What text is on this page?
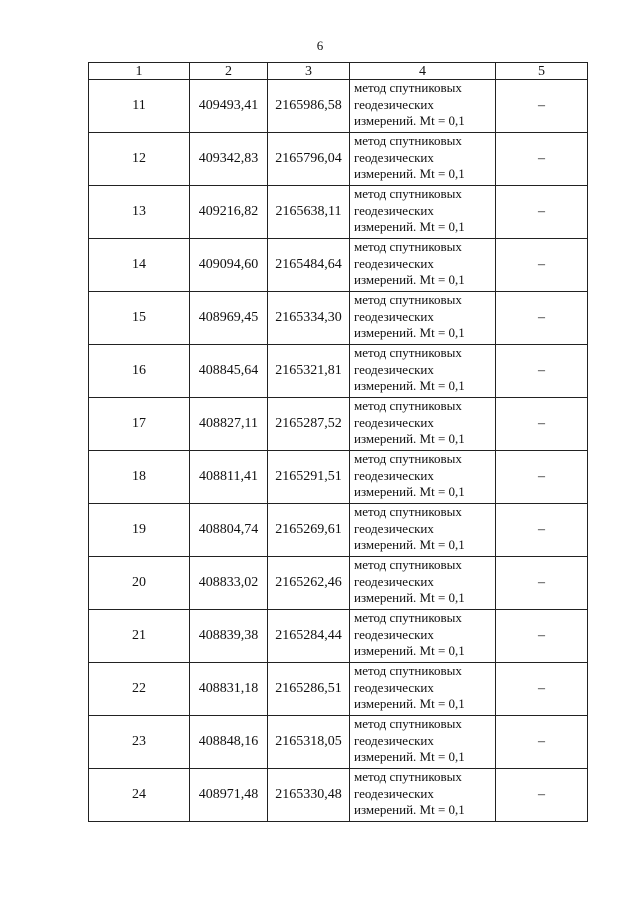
6
1	2	3	4	5
11	409493,41	2165986,58	метод спутниковых
геодезических
измерений. Mt = 0,1	–
12	409342,83	2165796,04	метод спутниковых
геодезических
измерений. Mt = 0,1	–
13	409216,82	2165638,11	метод спутниковых
геодезических
измерений. Mt = 0,1	–
14	409094,60	2165484,64	метод спутниковых
геодезических
измерений. Mt = 0,1	–
15	408969,45	2165334,30	метод спутниковых
геодезических
измерений. Mt = 0,1	–
16	408845,64	2165321,81	метод спутниковых
геодезических
измерений. Mt = 0,1	–
17	408827,11	2165287,52	метод спутниковых
геодезических
измерений. Mt = 0,1	–
18	408811,41	2165291,51	метод спутниковых
геодезических
измерений. Mt = 0,1	–
19	408804,74	2165269,61	метод спутниковых
геодезических
измерений. Mt = 0,1	–
20	408833,02	2165262,46	метод спутниковых
геодезических
измерений. Mt = 0,1	–
21	408839,38	2165284,44	метод спутниковых
геодезических
измерений. Mt = 0,1	–
22	408831,18	2165286,51	метод спутниковых
геодезических
измерений. Mt = 0,1	–
23	408848,16	2165318,05	метод спутниковых
геодезических
измерений. Mt = 0,1	–
24	408971,48	2165330,48	метод спутниковых
геодезических
измерений. Mt = 0,1	–
